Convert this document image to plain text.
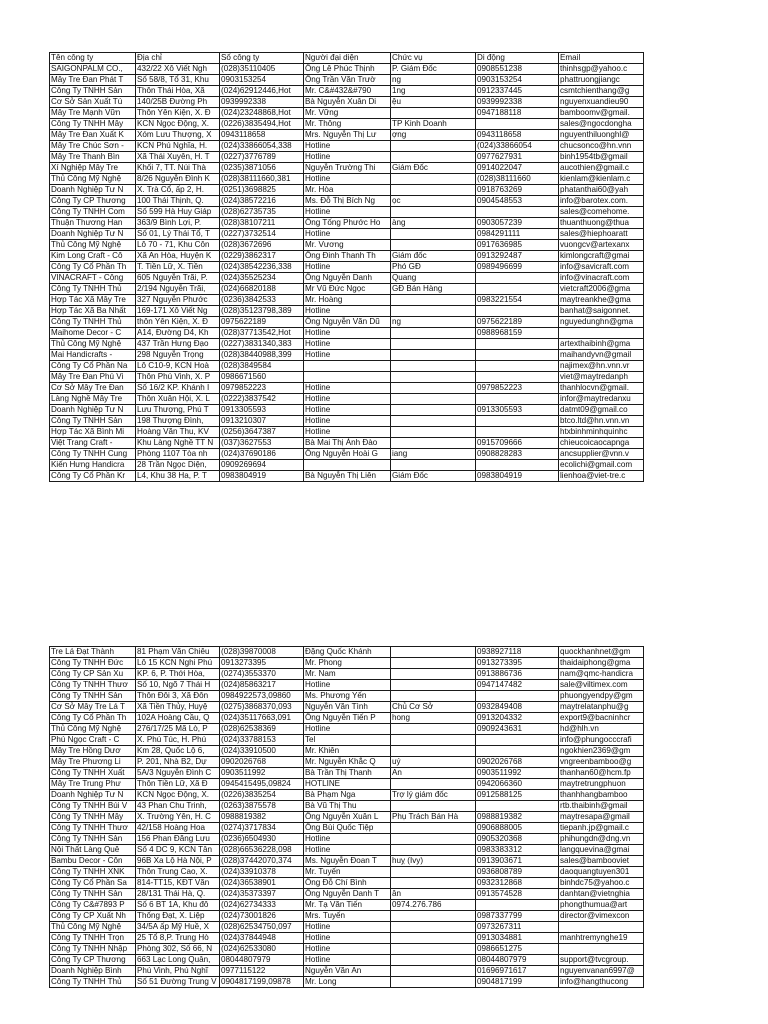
Tên công ty	Địa chỉ	Số công ty	Người đại diện	Chức vụ	Di động	Email
SAIGONPALM CO.,	432/22 Xô Viết Ngh	(028)35110405	Ông Lê Phúc Thịnh	P. Giám Đốc	0908551238	thinhsgp@yahoo.c
Mây Tre Đan Phát T	Số 58/8, Tổ 31, Khu	0903153254	Ông Trần Văn Trườ	ng	0903153254	phattruongjiangc
Công Ty TNHH Sản	Thôn Thái Hòa, Xã	(024)62912446,Hot	Mr. C&#432&#790	1ng	0912337445	csmtchienthang@g
Cơ Sở Sản Xuất Tú	140/25B Đường Ph	0939992338	Bà Nguyễn Xuân Di	ệu	0939992338	nguyenxuandieu90
Mây Tre Mạnh Vữn	Thôn Yên Kiện, X. Đ	(024)23248868,Hot	Mr. Vững		0947188118	bamboomv@gmail.
Công Ty TNHH Mây	KCN Ngọc Động, X.	(0226)3835494,Hot	Mr. Thông	TP Kinh Doanh		sales@ngocdongha
Mây Tre Đan Xuất K	Xóm Lưu Thượng, X	0943118658	Mrs. Nguyễn Thị Lư	ợng	0943118658	nguyenthiluonghl@
Mây Tre Chúc Sơn -	KCN Phú Nghĩa, H.	(024)33866054,338	Hotline		(024)33866054	chucsonco@hn.vnn
Mây Tre Thanh Bìn	Xã Thái Xuyên, H. T	(0227)3776789	Hotline		0977627931	binh1954tb@gmail
Xí Nghiệp Mây Tre	Khối 7, TT. Núi Thà	(0235)3871056	Nguyễn Trường Thi	Giám Đốc	0914022047	aucothien@gmail.c
Thủ Công Mỹ Nghệ	8/26 Nguyễn Đình K	(028)38111660,381	Hotline		(028)38111660	kienlam@kienlam.c
Doanh Nghiệp Tư N	X. Trà Cổ, ấp 2, H.	(0251)3698825	Mr. Hòa		0918763269	phatanthai60@yah
Công Ty CP Thương	100 Thái Thịnh, Q.	(024)38572216	Ms. Đỗ Thị Bích Ng	ọc	0904548553	info@barotex.com.
Công Ty TNHH Com	Số 599 Hà Huy Giáp	(028)62735735	Hotline			sales@comehome.
Thuận Thương Han	363/9 Bình Lợi, P.	(028)38107211	Ông Tống Phước Ho	àng	0903057239	thuanthuong@thua
Doanh Nghiệp Tư N	Số 01, Lý Thái Tổ, T	(0227)3732514	Hotline		0984291111	sales@hiephoaratt
Thủ Công Mỹ Nghệ	Lô 70 - 71, Khu Côn	(028)3672696	Mr. Vương		0917636985	vuongcv@artexanx
Kim Long Craft - Cô	Xã An Hòa, Huyện K	(0229)3862317	Ông Đinh Thanh Th	Giám đốc	0913292487	kimlongcraft@gmai
Công Ty Cổ Phần Th	T. Tiền Lữ, X. Tiền	(024)38542236,338	Hotline	Phó GĐ	0989496699	info@savicraft.com
VINACRAFT - Công	605 Nguyễn Trãi, P.	(024)35525234	Ông Nguyễn Danh	Quang		info@vinacraft.com
Công Ty TNHH Thủ	2/194 Nguyễn Trãi,	(024)66820188	Mr Vũ Đức Ngọc	GĐ Bán Hàng		vietcraft2006@gma
Hợp Tác Xã Mây Tre	327 Nguyễn Phước	(0236)3842533	Mr. Hoàng		0983221554	maytreankhe@gma
Hợp Tác Xã Ba Nhất	169-171 Xô Viết Ng	(028)35123798,389	Hotline			banhat@saigonnet.
Công Ty TNHH Thủ	thôn Yên Kiện, X. Đ	0975622189	Ông Nguyễn Văn Dũ	ng	0975622189	nguyedunghn@gma
Maihome Decor - C	A14, Đường D4, Kh	(028)37713542,Hot	Hotline		0988968159	
Thủ Công Mỹ Nghệ	437 Trần Hưng Đạo	(0227)3831340,383	Hotline			artexthaibinh@gma
Mai Handicrafts -	298 Nguyễn Trọng	(028)38440988,399	Hotline			maihandyvn@gmail
Công Ty Cổ Phần Na	Lô C10-9, KCN Hoà	(028)3849584				najimex@hn.vnn.vr
Mây Tre Đan Phú Vi	Thôn Phú Vinh, X. P	0986671560				viet@maytredanph
Cơ Sở Mây Tre Đan	Số 16/2 KP. Khánh I	0979852223	Hotline		0979852223	thanhlocvn@gmail.
Làng Nghề Mây Tre	Thôn Xuân Hội, X. L	(0222)3837542	Hotline			infor@maytredanxu
Doanh Nghiệp Tư N	Lưu Thượng, Phú T	0913305593	Hotline		0913305593	datmt09@gmail.co
Công Ty TNHH Sản	198 Thượng Đình,	0913210307	Hotline			btco.ltd@hn.vnn.vn
Hợp Tác Xã Bình Mi	Hoàng Văn Thu, KV	(0256)3647387	Hotline			htxbinhminhquinhc
Việt Trang Craft -	Khu Làng Nghề TT N	(037)3627553	Bà Mai Thị Ánh Đào		0915709666	chieucoicaocapnga
Công Ty TNHH Cung	Phòng 1107 Tòa nh	(024)37690186	Ông Nguyễn Hoài G	iang	0908828283	ancsupplier@vnn.v
Kiến Hưng Handicra	28 Trần Ngọc Diện,	0909269694				ecolichi@gmail.com
Công Ty Cổ Phần Kr	L4, Khu 38 Ha, P. T	0983804919	Bà Nguyễn Thị Liên	Giám Đốc	0983804919	lienhoa@viet-tre.c
Tre Lá Đạt Thành	81 Phạm Văn Chiêu	(028)39870008	Đặng Quốc Khánh		0938927118	quockhanhnet@gm
Công Ty TNHH Đức	Lô 15 KCN Nghi Phú	0913273395	Mr. Phong		0913273395	thaidaiphong@gma
Công Ty CP Sản Xu	KP. 6, P. Thới Hòa,	(0274)3553370	Mr. Nam		0913886736	nam@qmc-handicra
Công Ty TNHH Thươ	Số 10, Ngõ 7 Thái H	(024)85863217	Hotline		0947147482	sale@viltimex.com
Công Ty TNHH Sản	Thôn Đôi 3, Xã Đôn	0984922573,09860	Ms. Phương Yến			phuongyendpy@gm
Cơ Sở Mây Tre Lá T	Xã Tiền Thủy, Huyệ	(0275)3868370,093	Nguyễn Văn Tình	Chủ Cơ Sở	0932849408	maytrelatanphu@g
Công Ty Cổ Phần Th	102A Hoàng Cầu, Q	(024)35117663,091	Ông Nguyễn Tiến P	hong	0913204332	export9@bacninhcr
Thủ Công Mỹ Nghệ	276/17/25 Mã Lò, P	(028)62538369	Hotline		0909243631	hd@hlh.vn
Phú Ngọc Craft - C	X. Phú Túc, H. Phú	(024)33788153	Tel			info@phungocccrafi
Mây Tre Hồng Dươ	Km 28, Quốc Lộ 6,	(024)33910500	Mr. Khiên			ngokhien2369@gm
Mây Tre Phương Li	P. 201, Nhà B2, Dự	0902026768	Mr. Nguyễn Khắc Q	uý	0902026768	vngreenbamboo@g
Công Ty TNHH Xuất	5A/3 Nguyễn Đình C	0903511992	Bà Trần Thị Thanh	An	0903511992	thanhan60@hcm.fp
Mây Tre Trung Phư	Thôn Tiền Lữ, Xã Đ	0945415495,09824	HOTLINE		0942066360	maytretrungphuon
Doanh Nghiệp Tư N	KCN Ngọc Động, X.	(0226)3835254	Bà Phạm Nga	Trợ lý giám đốc	0912588125	thanhhangbamboo
Công Ty TNHH Búi V	43 Phan Chu Trinh,	(0263)3875578	Bà Vũ Thị Thu			rtb.thaibinh@gmail
Công Ty TNHH Mây	X. Trường Yên, H. C	0988819382	Ông Nguyễn Xuân L	Phụ Trách Bán Hà	0988819382	maytresapa@gmail
Công Ty TNHH Thươ	42/158 Hoàng Hoa	(0274)3717834	Ông Bùi Quốc Tiệp		0906888005	tiepanh.jp@gmail.c
Công Ty TNHH Sản	156 Phan Đăng Lưu	(0236)6504930	Hotline		0905320368	phihungdn@dng.vn
Nội Thất Làng Quê	Số 4 DC 9, KCN Tân	(028)66536228,098	Hotline		0983383312	langquevina@gmai
Bambu Decor - Côn	96B Xa Lộ Hà Nội, P	(028)37442070,374	Ms. Nguyễn Đoan T	huỵ (Ivy)	0913903671	sales@bambooviet
Công Ty TNHH XNK	Thôn Trung Cao, X.	(024)33910378	Mr. Tuyến		0936808789	daoquangtuyen301
Công Ty Cổ Phần Sa	814-TT15, KĐT Văn	(024)36538901	Ông Đỗ Chí Bình		0932312868	binhdc75@yahoo.c
Công Ty TNHH Sản	28/131 Thái Hà, Q.	(024)35373397	Ông Nguyễn Danh T	ân	0913574528	danhtan@vietnghia
Công Ty C&#7893 P	Số 6 BT 1A, Khu đô	(024)62734333	Mr. Tạ Văn Tiến	0974.276.786		phongthumua@art
Công Ty CP Xuất Nh	Thống Đạt, X. Liệp	(024)73001826	Mrs. Tuyến		0987337799	director@vimexcon
Thủ Công Mỹ Nghệ	34/5A ấp Mỹ Huề, X	(028)62534750,097	Hotline		0973267311	
Công Ty TNHH Trọn	25 Tổ 8,P. Trung Hò	(024)37844948	Hotline		0913034881	manhtremynghe19
Công Ty TNHH Nhập	Phòng 302, Số 66, N	(024)62533080	Hotline		0986651275	
Công Ty CP Thương	663 Lạc Long Quân,	08044807979	Hotline		08044807979	support@tvcgroup.
Doanh Nghiệp Bình	Phú Vinh, Phú Nghĩ	0977115122	Nguyễn Văn An		01696971617	nguyenvanan6997@
Công Ty TNHH Thủ	Số 51 Đường Trung V	0904817199,09878	Mr. Long		0904817199	info@hangthucong
